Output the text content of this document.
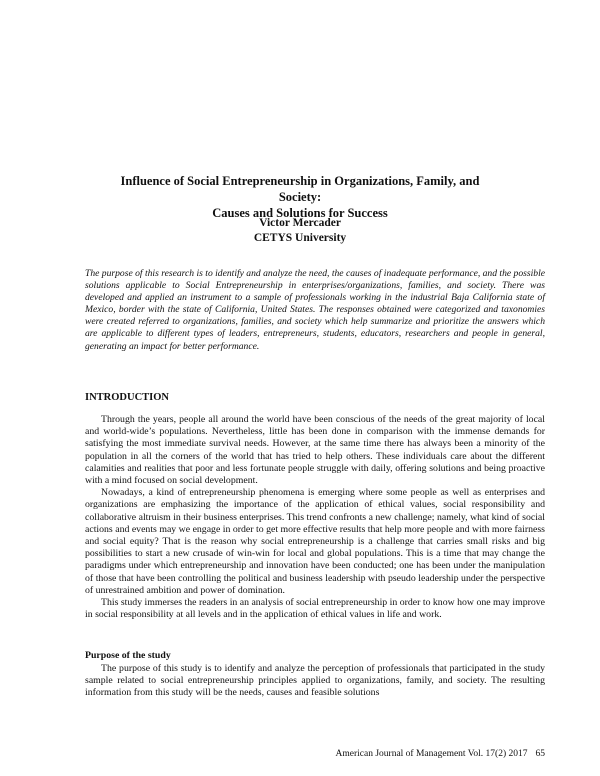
Influence of Social Entrepreneurship in Organizations, Family, and Society:
Causes and Solutions for Success
Victor Mercader
CETYS University
The purpose of this research is to identify and analyze the need, the causes of inadequate performance, and the possible solutions applicable to Social Entrepreneurship in enterprises/organizations, families, and society. There was developed and applied an instrument to a sample of professionals working in the industrial Baja California state of Mexico, border with the state of California, United States. The responses obtained were categorized and taxonomies were created referred to organizations, families, and society which help summarize and prioritize the answers which are applicable to different types of leaders, entrepreneurs, students, educators, researchers and people in general, generating an impact for better performance.
INTRODUCTION

Through the years, people all around the world have been conscious of the needs of the great majority of local and world-wide’s populations. Nevertheless, little has been done in comparison with the immense demands for satisfying the most immediate survival needs. However, at the same time there has always been a minority of the population in all the corners of the world that has tried to help others. These individuals care about the different calamities and realities that poor and less fortunate people struggle with daily, offering solutions and being proactive with a mind focused on social development.

Nowadays, a kind of entrepreneurship phenomena is emerging where some people as well as enterprises and organizations are emphasizing the importance of the application of ethical values, social responsibility and collaborative altruism in their business enterprises. This trend confronts a new challenge; namely, what kind of social actions and events may we engage in order to get more effective results that help more people and with more fairness and social equity? That is the reason why social entrepreneurship is a challenge that carries small risks and big possibilities to start a new crusade of win-win for local and global populations. This is a time that may change the paradigms under which entrepreneurship and innovation have been conducted; one has been under the manipulation of those that have been controlling the political and business leadership with pseudo leadership under the perspective of unrestrained ambition and power of domination.

This study immerses the readers in an analysis of social entrepreneurship in order to know how one may improve in social responsibility at all levels and in the application of ethical values in life and work.

Purpose of the study

The purpose of this study is to identify and analyze the perception of professionals that participated in the study sample related to social entrepreneurship principles applied to organizations, family, and society. The resulting information from this study will be the needs, causes and feasible solutions

American Journal of Management Vol. 17(2) 2017 65
